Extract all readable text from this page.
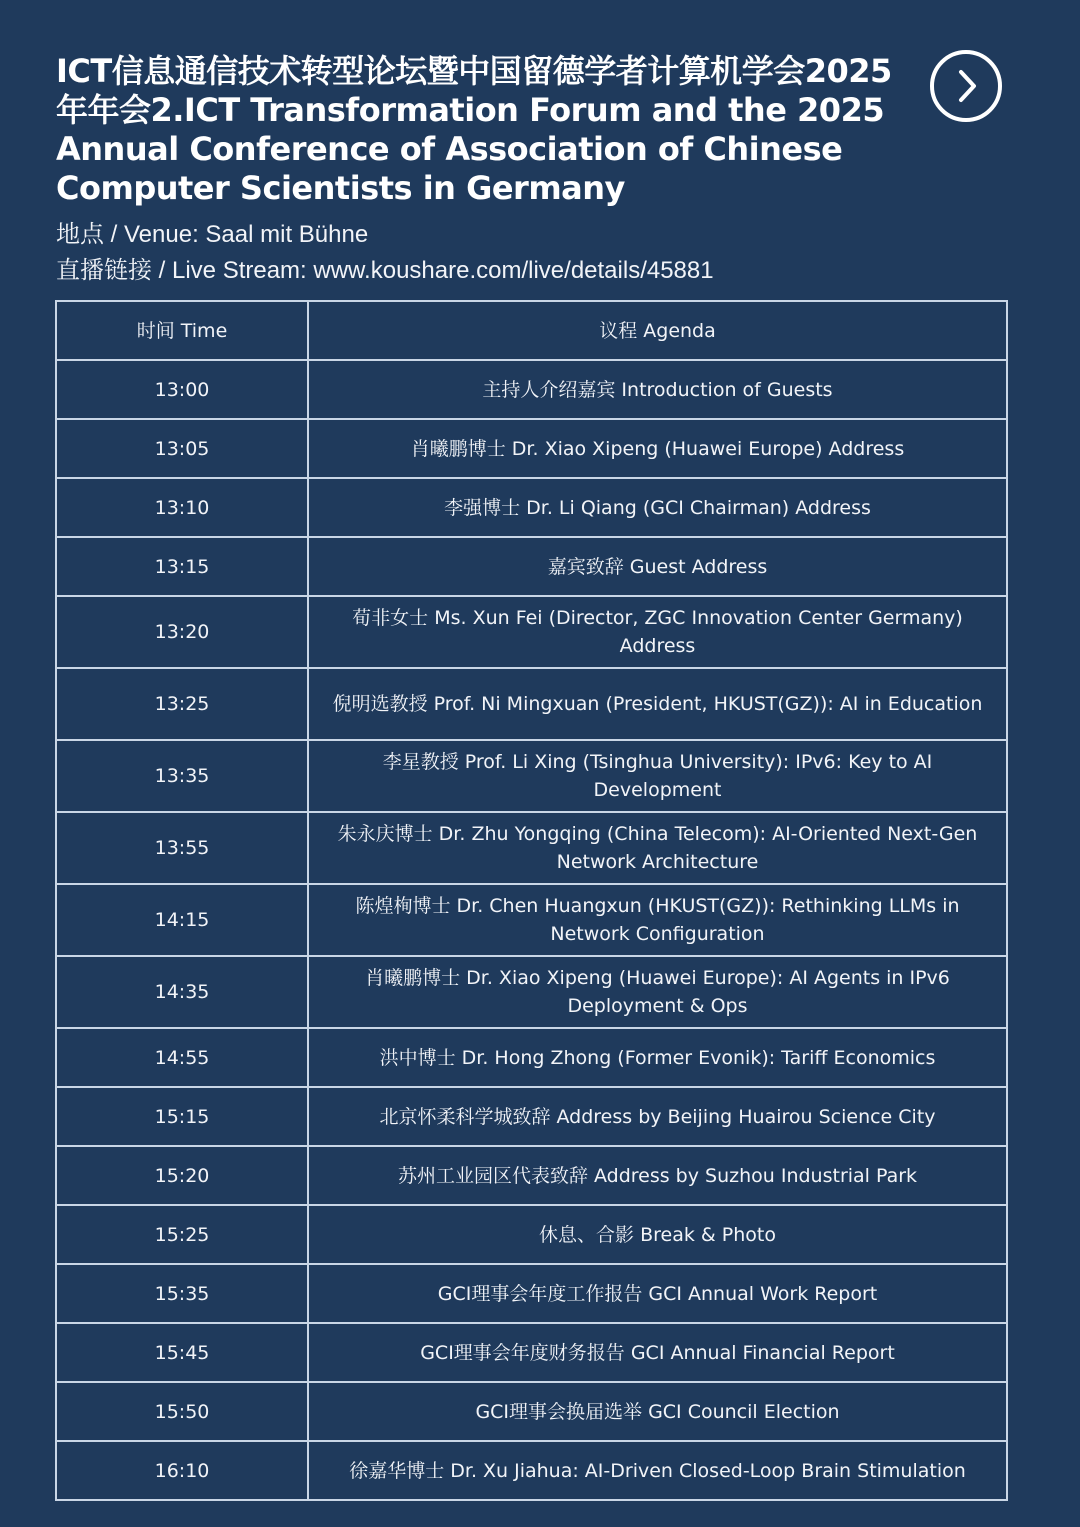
ICT信息通信技术转型论坛暨中国留德学者计算机学会2025年年会2.ICT Transformation Forum and the 2025 Annual Conference of Association of Chinese Computer Scientists in Germany
地点 / Venue: Saal mit Bühne
直播链接 / Live Stream: www.koushare.com/live/details/45881
时间 Time	议程 Agenda
13:00	主持人介绍嘉宾 Introduction of Guests
13:05	肖曦鹏博士 Dr. Xiao Xipeng (Huawei Europe) Address
13:10	李强博士 Dr. Li Qiang (GCI Chairman) Address
13:15	嘉宾致辞 Guest Address
13:20	荀非女士 Ms. Xun Fei (Director, ZGC Innovation Center Germany) Address
13:25	倪明选教授 Prof. Ni Mingxuan (President, HKUST(GZ)): AI in Education
13:35	李星教授 Prof. Li Xing (Tsinghua University): IPv6: Key to AI Development
13:55	朱永庆博士 Dr. Zhu Yongqing (China Telecom): AI-Oriented Next-Gen Network Architecture
14:15	陈煌栒博士 Dr. Chen Huangxun (HKUST(GZ)): Rethinking LLMs in Network Configuration
14:35	肖曦鹏博士 Dr. Xiao Xipeng (Huawei Europe): AI Agents in IPv6 Deployment & Ops
14:55	洪中博士 Dr. Hong Zhong (Former Evonik): Tariff Economics
15:15	北京怀柔科学城致辞 Address by Beijing Huairou Science City
15:20	苏州工业园区代表致辞 Address by Suzhou Industrial Park
15:25	休息、合影 Break & Photo
15:35	GCI理事会年度工作报告 GCI Annual Work Report
15:45	GCI理事会年度财务报告 GCI Annual Financial Report
15:50	GCI理事会换届选举 GCI Council Election
16:10	徐嘉华博士 Dr. Xu Jiahua: AI-Driven Closed-Loop Brain Stimulation
